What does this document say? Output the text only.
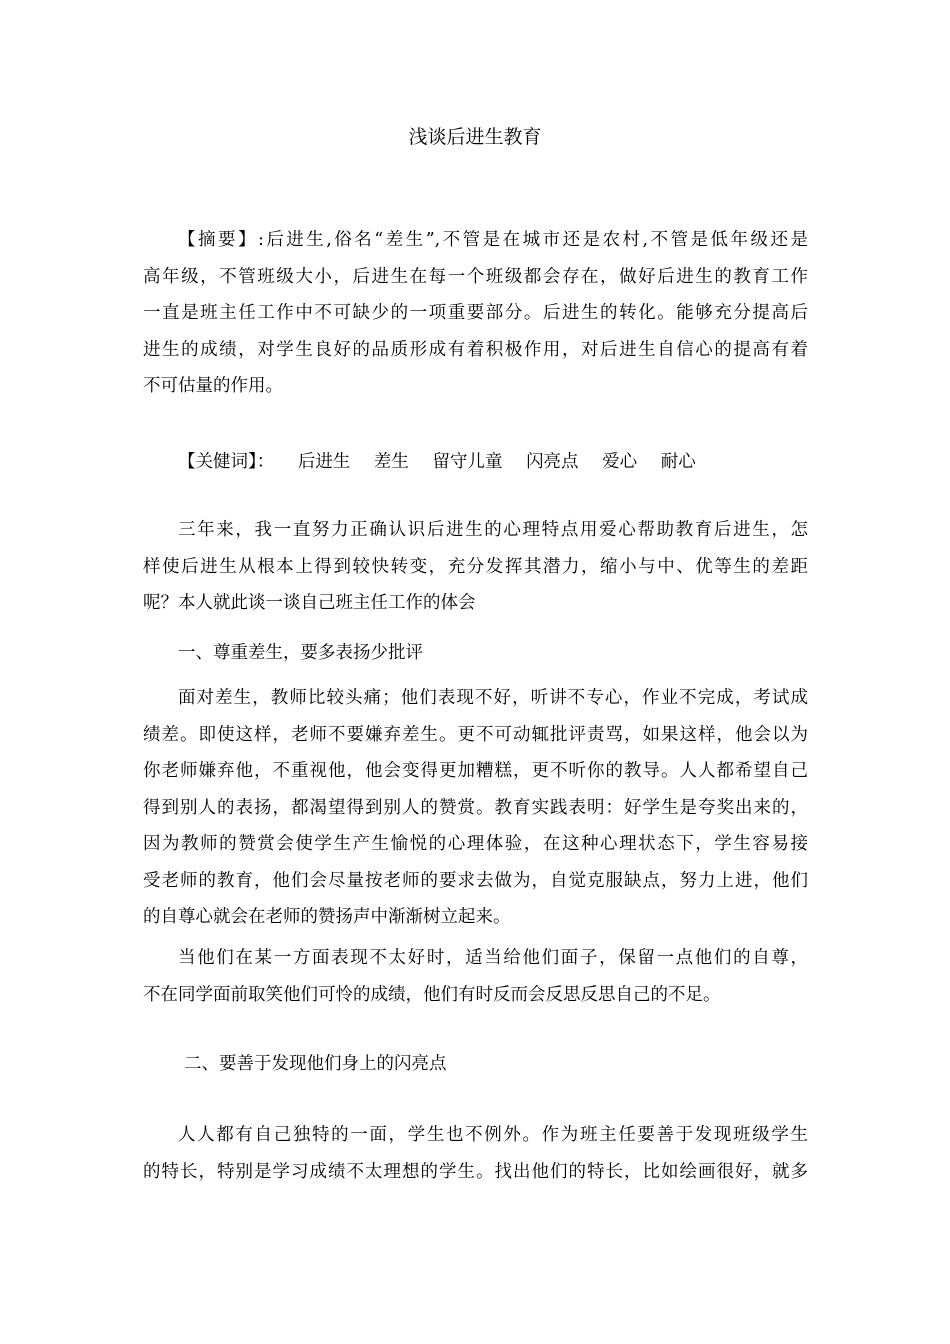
浅谈后进生教育
【摘要】:后进生,俗名“差生”,不管是在城市还是农村,不管是低年级还是
高年级，不管班级大小，后进生在每一个班级都会存在，做好后进生的教育工作
一直是班主任工作中不可缺少的一项重要部分。后进生的转化。能够充分提高后
进生的成绩，对学生良好的品质形成有着积极作用，对后进生自信心的提高有着
不可估量的作用。
【关健词】： 后进生 差生 留守儿童 闪亮点 爱心 耐心
三年来，我一直努力正确认识后进生的心理特点用爱心帮助教育后进生，怎
样使后进生从根本上得到较快转变，充分发挥其潜力，缩小与中、优等生的差距
呢？本人就此谈一谈自己班主任工作的体会
一、尊重差生，要多表扬少批评
面对差生，教师比较头痛；他们表现不好，听讲不专心，作业不完成，考试成
绩差。即使这样，老师不要嫌弃差生。更不可动辄批评责骂，如果这样，他会以为
你老师嫌弃他，不重视他，他会变得更加糟糕，更不听你的教导。人人都希望自己
得到别人的表扬，都渴望得到别人的赞赏。教育实践表明：好学生是夸奖出来的，
因为教师的赞赏会使学生产生愉悦的心理体验，在这种心理状态下，学生容易接
受老师的教育，他们会尽量按老师的要求去做为，自觉克服缺点，努力上进，他们
的自尊心就会在老师的赞扬声中渐渐树立起来。
当他们在某一方面表现不太好时，适当给他们面子，保留一点他们的自尊，
不在同学面前取笑他们可怜的成绩，他们有时反而会反思反思自己的不足。
二、要善于发现他们身上的闪亮点
人人都有自己独特的一面，学生也不例外。作为班主任要善于发现班级学生
的特长，特别是学习成绩不太理想的学生。找出他们的特长，比如绘画很好，就多
